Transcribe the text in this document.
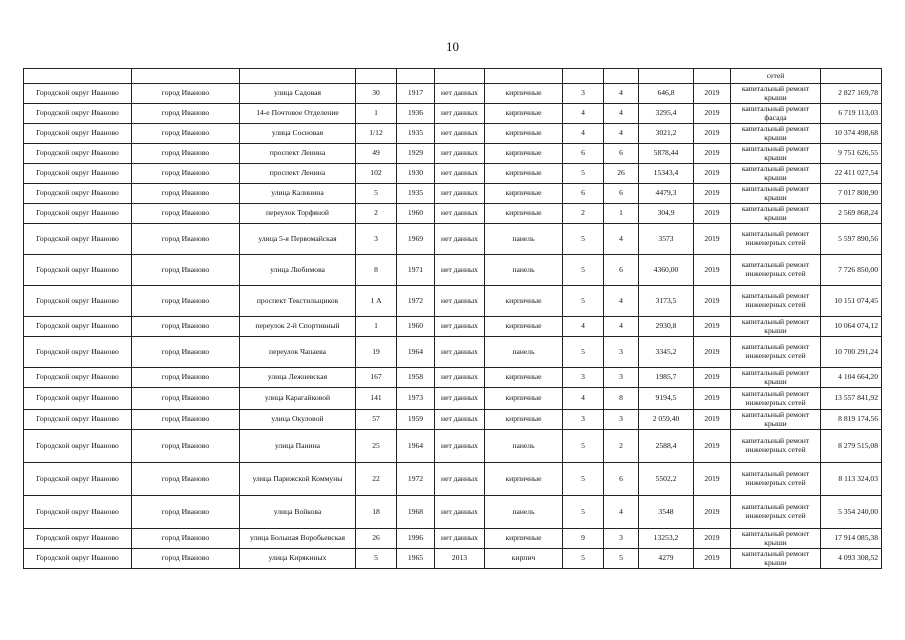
10
											сетей	
Городской округ Иваново	город Иваново	улица Садовая	30	1917	нет данных	кирпичные	3	4	646,8	2019	капитальный ремонт крыши	2 827 169,78
Городской округ Иваново	город Иваново	14-е Почтовое Отделение	1	1936	нет данных	кирпичные	4	4	3295,4	2019	капитальный ремонт фасада	6 719 113,03
Городской округ Иваново	город Иваново	улица Сосновая	1/12	1935	нет данных	кирпичные	4	4	3021,2	2019	капитальный ремонт крыши	10 374 498,68
Городской округ Иваново	город Иваново	проспект Ленина	49	1929	нет данных	кирпичные	6	6	5878,44	2019	капитальный ремонт крыши	9 751 626,55
Городской округ Иваново	город Иваново	проспект Ленина	102	1930	нет данных	кирпичные	5	26	15343,4	2019	капитальный ремонт крыши	22 411 027,54
Городской округ Иваново	город Иваново	улица Калинина	5	1935	нет данных	кирпичные	6	6	4479,3	2019	капитальный ремонт крыши	7 017 808,90
Городской округ Иваново	город Иваново	переулок Торфяной	2	1960	нет данных	кирпичные	2	1	304,9	2019	капитальный ремонт крыши	2 569 868,24
Городской округ Иваново	город Иваново	улица 5-я Первомайская	3	1969	нет данных	панель	5	4	3573	2019	капитальный ремонт инженерных сетей	5 597 890,56
Городской округ Иваново	город Иваново	улица Любимова	8	1971	нет данных	панель	5	6	4360,00	2019	капитальный ремонт инженерных сетей	7 726 850,00
Городской округ Иваново	город Иваново	проспект Текстильщиков	1 А	1972	нет данных	кирпичные	5	4	3173,5	2019	капитальный ремонт инженерных сетей	10 151 074,45
Городской округ Иваново	город Иваново	переулок 2-й Спортивный	1	1960	нет данных	кирпичные	4	4	2930,8	2019	капитальный ремонт крыши	10 064 074,12
Городской округ Иваново	город Иваново	переулок Чапаева	19	1964	нет данных	панель	5	3	3345,2	2019	капитальный ремонт инженерных сетей	10 700 291,24
Городской округ Иваново	город Иваново	улица Лежневская	167	1958	нет данных	кирпичные	3	3	1985,7	2019	капитальный ремонт крыши	4 104 664,20
Городской округ Иваново	город Иваново	улица Карагайковой	141	1973	нет данных	кирпичные	4	8	9194,5	2019	капитальный ремонт инженерных сетей	13 557 841,92
Городской округ Иваново	город Иваново	улица Окуловой	57	1959	нет данных	кирпичные	3	3	2 059,40	2019	капитальный ремонт крыши	8 819 174,56
Городской округ Иваново	город Иваново	улица Панина	25	1964	нет данных	панель	5	2	2588,4	2019	капитальный ремонт инженерных сетей	8 279 515,08
Городской округ Иваново	город Иваново	улица Парижской Коммуны	22	1972	нет данных	кирпичные	5	6	5502,2	2019	капитальный ремонт инженерных сетей	8 113 324,03
Городской округ Иваново	город Иваново	улица Войкова	18	1968	нет данных	панель	5	4	3548	2019	капитальный ремонт инженерных сетей	5 354 240,00
Городской округ Иваново	город Иваново	улица Большая Воробьевская	26	1996	нет данных	кирпичные	9	3	13253,2	2019	капитальный ремонт крыши	17 914 085,38
Городской округ Иваново	город Иваново	улица Кирякиных	5	1965	2013	кирпич	5	5	4279	2019	капитальный ремонт крыши	4 093 308,52
